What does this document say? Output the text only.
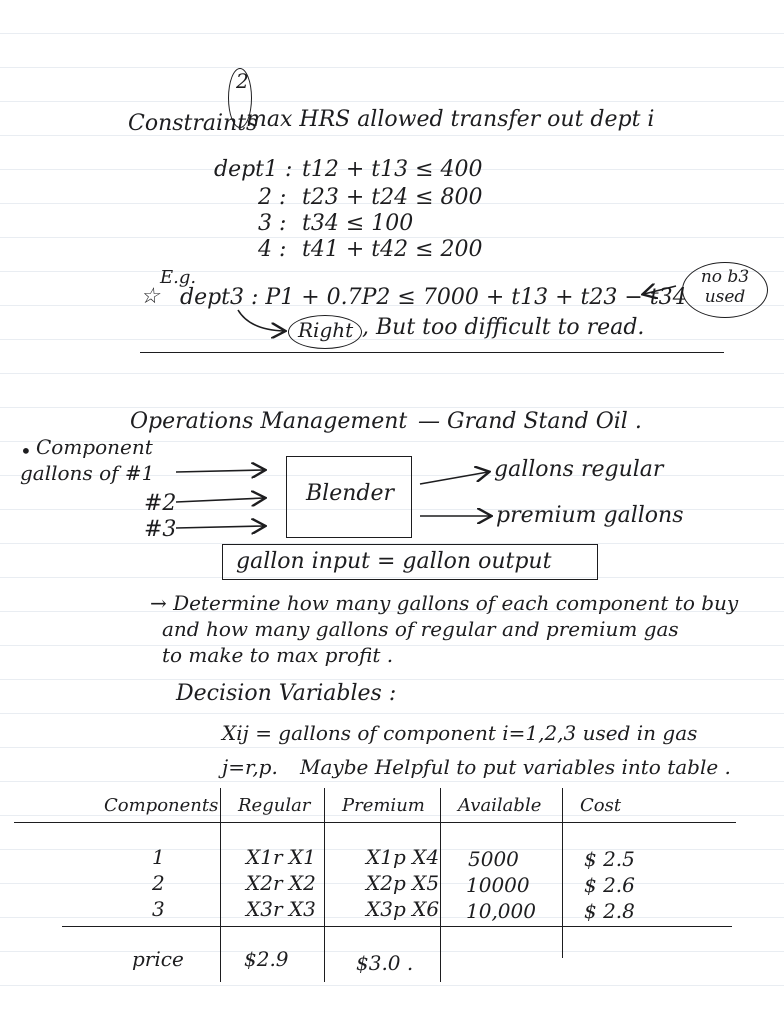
Constraints
2
max HRS allowed transfer out dept i
dept1 : t12 + t13 ≤ 400
2 : t23 + t24 ≤ 800
3 : t34 ≤ 100
4 : t41 + t42 ≤ 200
☆
E.g.
dept3 : P1 + 0.7P2 ≤ 7000 + t13 + t23 − t34
no b3 used
Right , But too difficult to read.
Operations Management — Grand Stand Oil .
• Component
gallons of #1
#2
#3
Blender
gallons regular
premium gallons
gallon input = gallon output
→ Determine how many gallons of each component to buy
and how many gallons of regular and premium gas
to make to max profit .
Decision Variables :
Xij = gallons of component i=1,2,3 used in gas
j=r,p. Maybe Helpful to put variables into table .
Components Regular Premium Available Cost
1	X1r X1	X1p X4 5000	$ 2.5
2	X2r X2	X2p X5 10000	$ 2.6
3	X3r X3	X3p X6 10,000 $ 2.8
price	$2.9	$3.0 .
